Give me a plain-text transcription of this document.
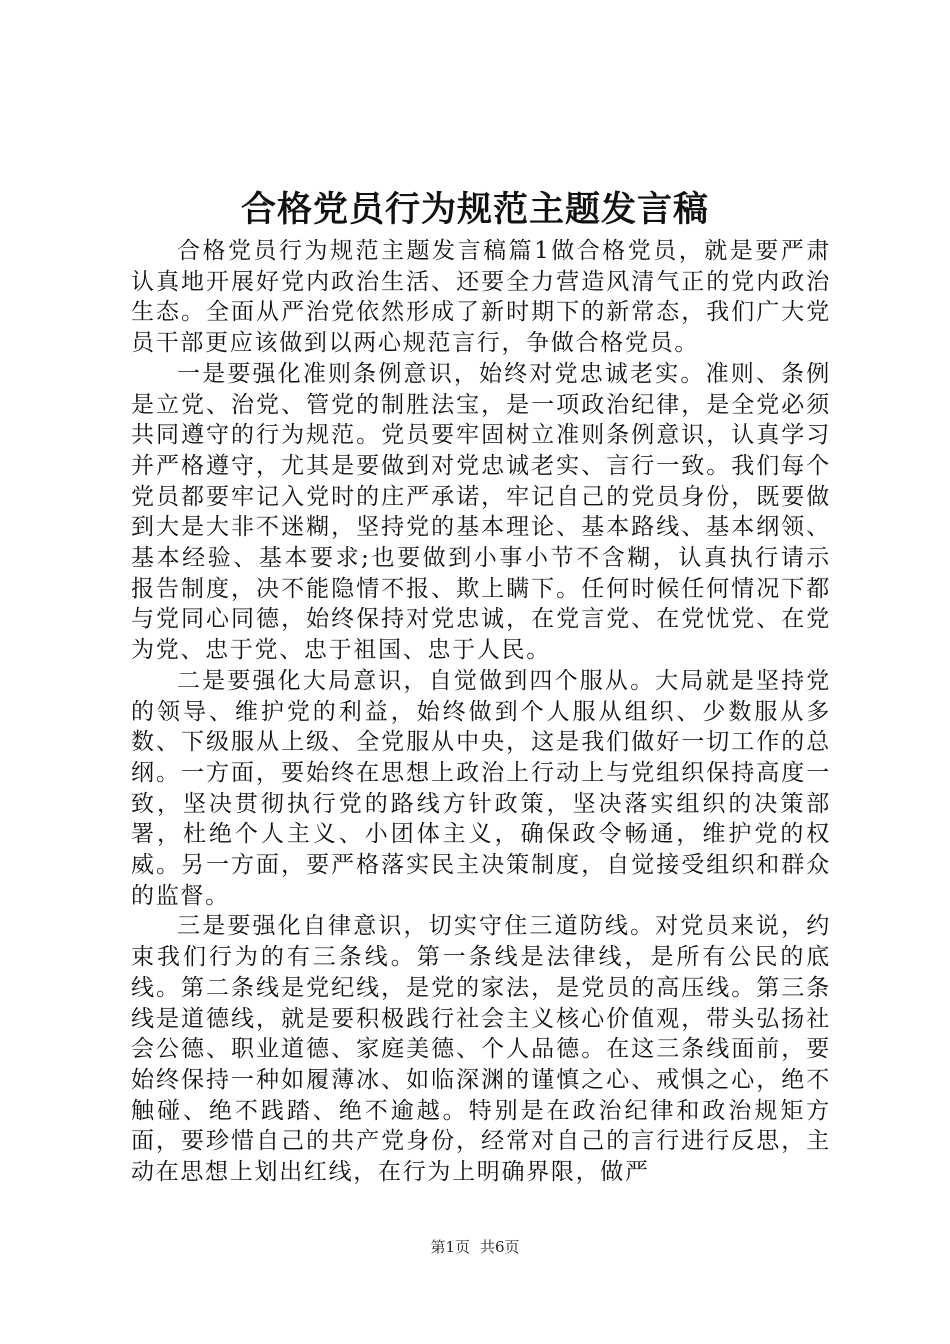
合格党员行为规范主题发言稿

合格党员行为规范主题发言稿篇1做合格党员，就是要严肃认真地开展好党内政治生活、还要全力营造风清气正的党内政治生态。全面从严治党依然形成了新时期下的新常态，我们广大党员干部更应该做到以两心规范言行，争做合格党员。

一是要强化准则条例意识，始终对党忠诚老实。准则、条例是立党、治党、管党的制胜法宝，是一项政治纪律，是全党必须共同遵守的行为规范。党员要牢固树立准则条例意识，认真学习并严格遵守，尤其是要做到对党忠诚老实、言行一致。我们每个党员都要牢记入党时的庄严承诺，牢记自己的党员身份，既要做到大是大非不迷糊，坚持党的基本理论、基本路线、基本纲领、基本经验、基本要求;也要做到小事小节不含糊，认真执行请示报告制度，决不能隐情不报、欺上瞒下。任何时候任何情况下都与党同心同德，始终保持对党忠诚，在党言党、在党忧党、在党为党、忠于党、忠于祖国、忠于人民。

二是要强化大局意识，自觉做到四个服从。大局就是坚持党的领导、维护党的利益，始终做到个人服从组织、少数服从多数、下级服从上级、全党服从中央，这是我们做好一切工作的总纲。一方面，要始终在思想上政治上行动上与党组织保持高度一致，坚决贯彻执行党的路线方针政策，坚决落实组织的决策部署，杜绝个人主义、小团体主义，确保政令畅通，维护党的权威。另一方面，要严格落实民主决策制度，自觉接受组织和群众的监督。

三是要强化自律意识，切实守住三道防线。对党员来说，约束我们行为的有三条线。第一条线是法律线，是所有公民的底线。第二条线是党纪线，是党的家法，是党员的高压线。第三条线是道德线，就是要积极践行社会主义核心价值观，带头弘扬社会公德、职业道德、家庭美德、个人品德。在这三条线面前，要始终保持一种如履薄冰、如临深渊的谨慎之心、戒惧之心，绝不触碰、绝不践踏、绝不逾越。特别是在政治纪律和政治规矩方面，要珍惜自己的共产党身份，经常对自己的言行进行反思，主动在思想上划出红线，在行为上明确界限，做严

第1页 共6页
